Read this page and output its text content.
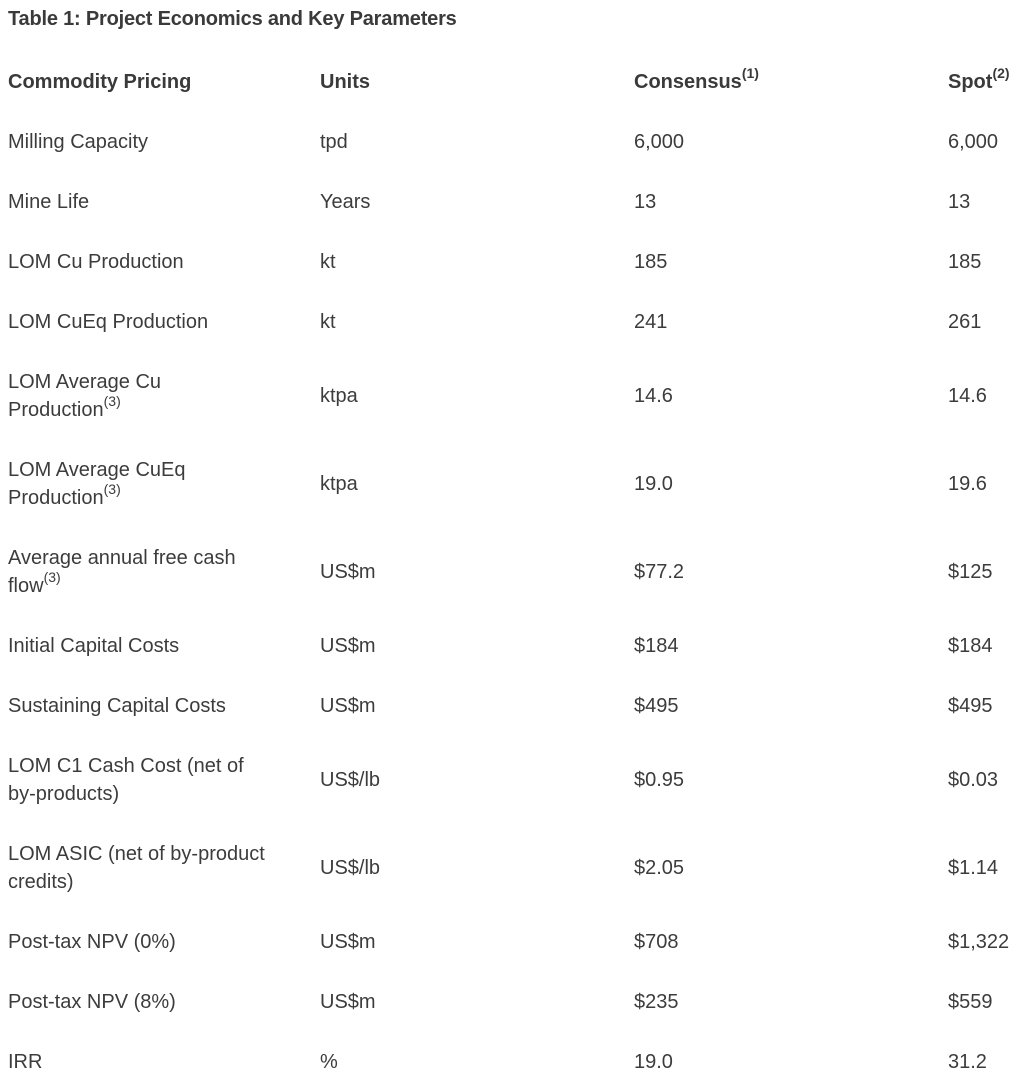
Table 1: Project Economics and Key Parameters
Commodity Pricing	Units	Consensus$^{(1)}$	Spot$^{(2)}$
Milling Capacity	tpd	6,000	6,000
Mine Life	Years	13	13
LOM Cu Production	kt	185	185
LOM CuEq Production	kt	241	261
LOM Average Cu Production$^{(3)}$	ktpa	14.6	14.6
LOM Average CuEq Production$^{(3)}$	ktpa	19.0	19.6
Average annual free cash flow$^{(3)}$	US$m	$77.2	$125
Initial Capital Costs	US$m	$184	$184
Sustaining Capital Costs	US$m	$495	$495
LOM C1 Cash Cost (net of by-products)	US$/lb	$0.95	$0.03
LOM ASIC (net of by-product credits)	US$/lb	$2.05	$1.14
Post-tax NPV (0%)	US$m	$708	$1,322
Post-tax NPV (8%)	US$m	$235	$559
IRR	%	19.0	31.2
